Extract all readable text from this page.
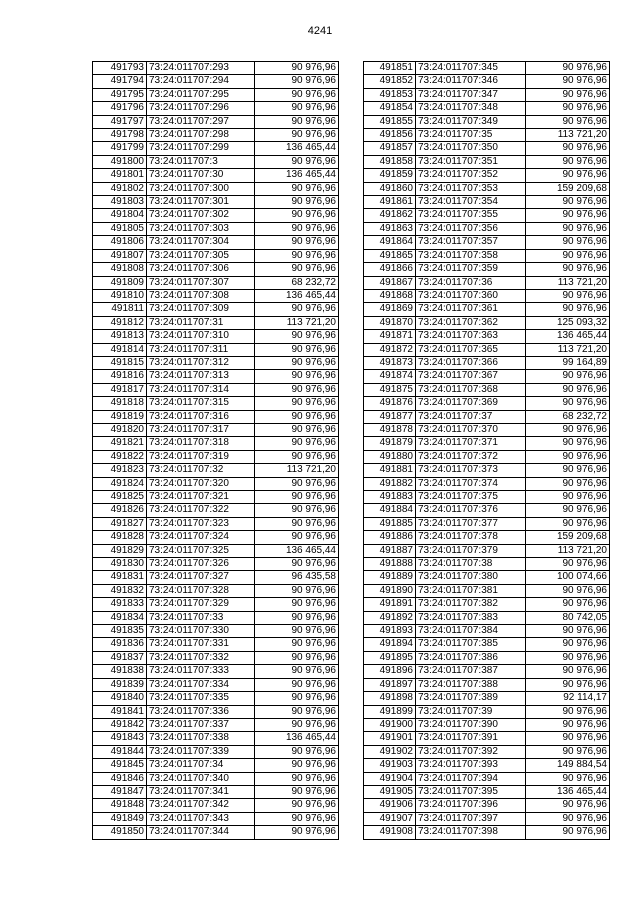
4241
491793	73:24:011707:293	90 976,96
491794	73:24:011707:294	90 976,96
491795	73:24:011707:295	90 976,96
491796	73:24:011707:296	90 976,96
491797	73:24:011707:297	90 976,96
491798	73:24:011707:298	90 976,96
491799	73:24:011707:299	136 465,44
491800	73:24:011707:3	90 976,96
491801	73:24:011707:30	136 465,44
491802	73:24:011707:300	90 976,96
491803	73:24:011707:301	90 976,96
491804	73:24:011707:302	90 976,96
491805	73:24:011707:303	90 976,96
491806	73:24:011707:304	90 976,96
491807	73:24:011707:305	90 976,96
491808	73:24:011707:306	90 976,96
491809	73:24:011707:307	68 232,72
491810	73:24:011707:308	136 465,44
491811	73:24:011707:309	90 976,96
491812	73:24:011707:31	113 721,20
491813	73:24:011707:310	90 976,96
491814	73:24:011707:311	90 976,96
491815	73:24:011707:312	90 976,96
491816	73:24:011707:313	90 976,96
491817	73:24:011707:314	90 976,96
491818	73:24:011707:315	90 976,96
491819	73:24:011707:316	90 976,96
491820	73:24:011707:317	90 976,96
491821	73:24:011707:318	90 976,96
491822	73:24:011707:319	90 976,96
491823	73:24:011707:32	113 721,20
491824	73:24:011707:320	90 976,96
491825	73:24:011707:321	90 976,96
491826	73:24:011707:322	90 976,96
491827	73:24:011707:323	90 976,96
491828	73:24:011707:324	90 976,96
491829	73:24:011707:325	136 465,44
491830	73:24:011707:326	90 976,96
491831	73:24:011707:327	96 435,58
491832	73:24:011707:328	90 976,96
491833	73:24:011707:329	90 976,96
491834	73:24:011707:33	90 976,96
491835	73:24:011707:330	90 976,96
491836	73:24:011707:331	90 976,96
491837	73:24:011707:332	90 976,96
491838	73:24:011707:333	90 976,96
491839	73:24:011707:334	90 976,96
491840	73:24:011707:335	90 976,96
491841	73:24:011707:336	90 976,96
491842	73:24:011707:337	90 976,96
491843	73:24:011707:338	136 465,44
491844	73:24:011707:339	90 976,96
491845	73:24:011707:34	90 976,96
491846	73:24:011707:340	90 976,96
491847	73:24:011707:341	90 976,96
491848	73:24:011707:342	90 976,96
491849	73:24:011707:343	90 976,96
491850	73:24:011707:344	90 976,96
491851	73:24:011707:345	90 976,96
491852	73:24:011707:346	90 976,96
491853	73:24:011707:347	90 976,96
491854	73:24:011707:348	90 976,96
491855	73:24:011707:349	90 976,96
491856	73:24:011707:35	113 721,20
491857	73:24:011707:350	90 976,96
491858	73:24:011707:351	90 976,96
491859	73:24:011707:352	90 976,96
491860	73:24:011707:353	159 209,68
491861	73:24:011707:354	90 976,96
491862	73:24:011707:355	90 976,96
491863	73:24:011707:356	90 976,96
491864	73:24:011707:357	90 976,96
491865	73:24:011707:358	90 976,96
491866	73:24:011707:359	90 976,96
491867	73:24:011707:36	113 721,20
491868	73:24:011707:360	90 976,96
491869	73:24:011707:361	90 976,96
491870	73:24:011707:362	125 093,32
491871	73:24:011707:363	136 465,44
491872	73:24:011707:365	113 721,20
491873	73:24:011707:366	99 164,89
491874	73:24:011707:367	90 976,96
491875	73:24:011707:368	90 976,96
491876	73:24:011707:369	90 976,96
491877	73:24:011707:37	68 232,72
491878	73:24:011707:370	90 976,96
491879	73:24:011707:371	90 976,96
491880	73:24:011707:372	90 976,96
491881	73:24:011707:373	90 976,96
491882	73:24:011707:374	90 976,96
491883	73:24:011707:375	90 976,96
491884	73:24:011707:376	90 976,96
491885	73:24:011707:377	90 976,96
491886	73:24:011707:378	159 209,68
491887	73:24:011707:379	113 721,20
491888	73:24:011707:38	90 976,96
491889	73:24:011707:380	100 074,66
491890	73:24:011707:381	90 976,96
491891	73:24:011707:382	90 976,96
491892	73:24:011707:383	80 742,05
491893	73:24:011707:384	90 976,96
491894	73:24:011707:385	90 976,96
491895	73:24:011707:386	90 976,96
491896	73:24:011707:387	90 976,96
491897	73:24:011707:388	90 976,96
491898	73:24:011707:389	92 114,17
491899	73:24:011707:39	90 976,96
491900	73:24:011707:390	90 976,96
491901	73:24:011707:391	90 976,96
491902	73:24:011707:392	90 976,96
491903	73:24:011707:393	149 884,54
491904	73:24:011707:394	90 976,96
491905	73:24:011707:395	136 465,44
491906	73:24:011707:396	90 976,96
491907	73:24:011707:397	90 976,96
491908	73:24:011707:398	90 976,96
